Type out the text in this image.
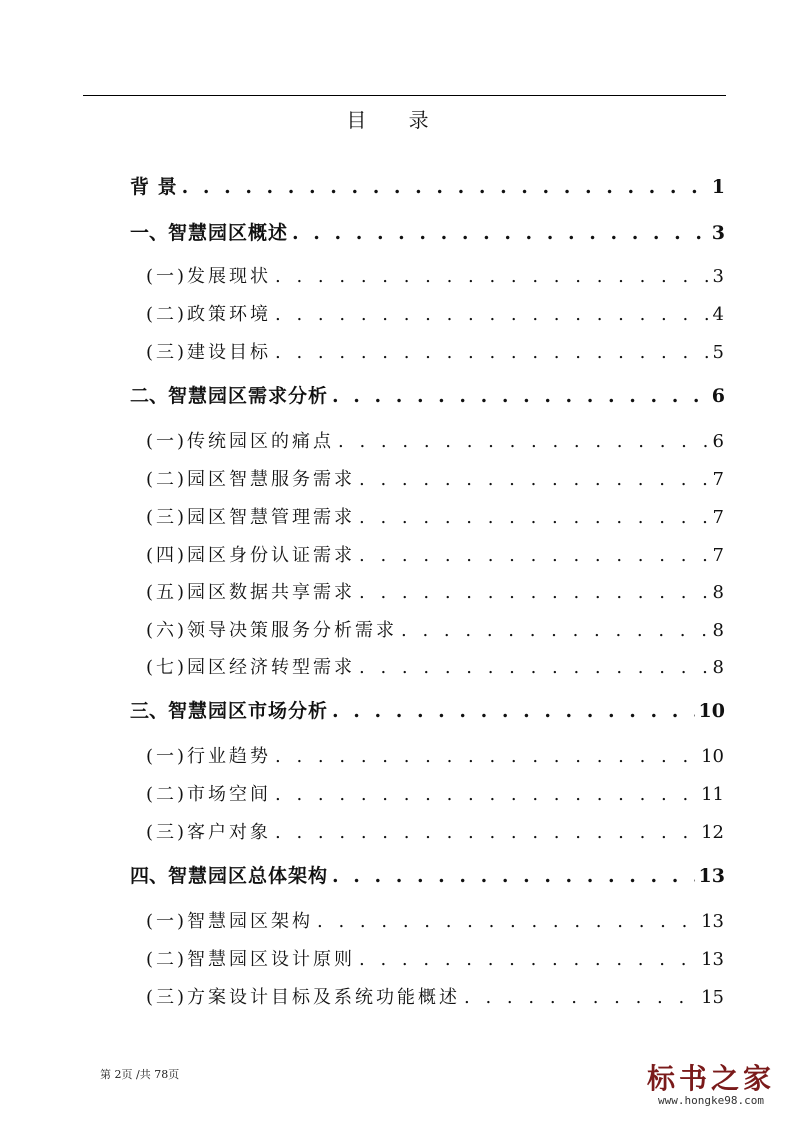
目 录
背 景 . . .	1
一、 智慧园区概述 . . .	3
(一)发展现状 . . .	3
(二)政策环境 . . .	4
(三)建设目标 . . .	5
二、 智慧园区需求分析 . . .	6
(一)传统园区的痛点 . . .	6
(二)园区智慧服务需求 . . .	7
(三)园区智慧管理需求 . . .	7
(四)园区身份认证需求 . . .	7
(五)园区数据共享需求 . . .	8
(六)领导决策服务分析需求 . . .	8
(七)园区经济转型需求 . . .	8
三、 智慧园区市场分析 . . .	10
(一)行业趋势 . . .	10
(二)市场空间 . . .	11
(三)客户对象 . . .	12
四、 智慧园区总体架构 . . .	13
(一)智慧园区架构 . . .	13
(二)智慧园区设计原则 . . .	13
(三)方案设计目标及系统功能概述 . . .	15
第 2页 /共 78页	标书之家
www.hongke98.com
